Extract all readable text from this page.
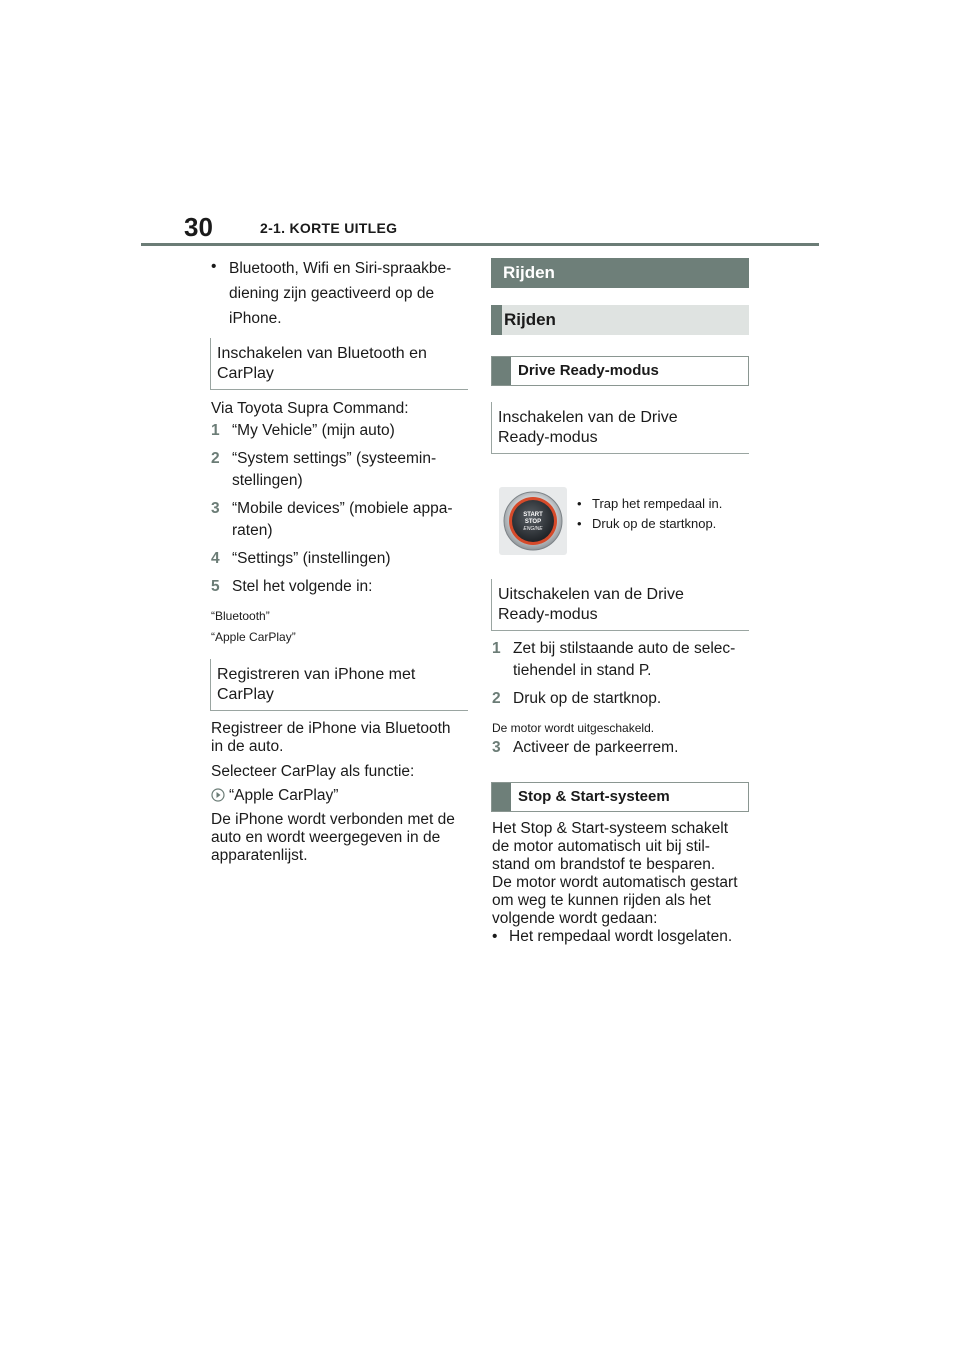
30	2-1. KORTE UITLEG
• Bluetooth, Wifi en Siri-spraakbe-
diening zijn geactiveerd op de
iPhone.
Inschakelen van Bluetooth en
CarPlay
Via Toyota Supra Command:
1 “My Vehicle” (mijn auto)
2 “System settings” (systeemin-
stellingen)
3 “Mobile devices” (mobiele appa-
raten)
4 “Settings” (instellingen)
5 Stel het volgende in:
“Bluetooth”
“Apple CarPlay”
Registreren van iPhone met
CarPlay
Registreer de iPhone via Bluetooth
in de auto.
Selecteer CarPlay als functie:
“Apple CarPlay”
De iPhone wordt verbonden met de
auto en wordt weergegeven in de
apparatenlijst.
Rijden
Rijden
Drive Ready-modus
Inschakelen van de Drive
Ready-modus
START
STOP
ENGINE
• Trap het rempedaal in.
• Druk op de startknop.
Uitschakelen van de Drive
Ready-modus
1 Zet bij stilstaande auto de selec-
tiehendel in stand P.
2 Druk op de startknop.
De motor wordt uitgeschakeld.
3 Activeer de parkeerrem.
Stop & Start-systeem
Het Stop & Start-systeem schakelt
de motor automatisch uit bij stil-
stand om brandstof te besparen.
De motor wordt automatisch gestart
om weg te kunnen rijden als het
volgende wordt gedaan:
• Het rempedaal wordt losgelaten.
